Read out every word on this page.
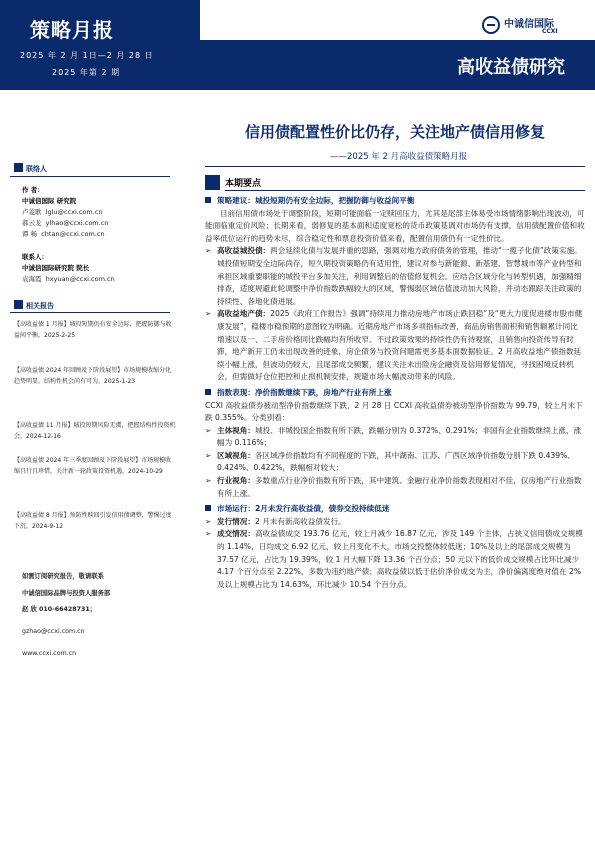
策略月报
2025 年 2 月 1日—2 月 28 日
2025 年第 2 期	高收益债研究
中诚信国际
CCXI
信用债配置性价比仍存，关注地产债信用修复
——2025 年 2 月高收益债策略月报
联络人
作 者：
中诚信国际 研究院
卢菱歌 lglu@ccxi.com.cn
郝云龙 ylhao@ccxi.com.cn
谭 畅 chtan@ccxi.com.cn
联系人：
中诚信国际研究院 院长
袁海霞 hxyuan@ccxi.com.cn
相关报告
【高收益债 1 月报】城投短期仍有安全边际，把握防御与收益间平衡，2025-2-25
【高收益债 2024 年回顾及下阶段展望】市场规模收缩分化趋势明显，结构性机会尚有可为，2025-1-23
【高收益债 11 月报】城投短期风险无虞，把握结构性投资机会，2024-12-16
【高收益债 2024 年三季度回顾及下阶段展望】市场规模收缩且行且珍惜，关注新一轮政策投资机遇，2024-10-29
【高收益债 8 月报】预防性赎回引发信用债调整，警惕过度下沉，2024-9-12
如需订阅研究报告，敬请联系
中诚信国际品牌与投资人服务部
赵 欣 010-66428731；
gzhao@ccxi.com.cn
www.ccxi.com.cn
本期要点

策略建议：城投短期仍有安全边际，把握防御与收益间平衡

目前信用债市场处于调整阶段，短期可能面临一定赎回压力，尤其是尾部主体易受市场情绪影响出现波动，可能面临重定价风险；长期来看，弱修复的基本面和适度宽松的货币政策基调对市场仍有支撑，信用债配置价值和收益率低位运行的趋势未尽，综合稳定性和票息投资价值来看，配置信用债仍有一定性价比。

➢ 高收益城投债：两会延续化债与发展并重的思路，强调对地方政府债务的管理，推动“一揽子化债”政策实施。城投债短期安全边际尚存，短久期投资策略仍有适用性，建议对参与新能源、新基建、智慧城市等产业转型和承担区域重要职能的城投平台多加关注，利用调整后的估值修复机会。应结合区域分化与转型机遇，加强精细排查，适度规避此轮调整中净价指数跌幅较大的区域，警惕弱区域估值波动加大风险，并动态跟踪关注政策的持续性、各地化债进展。

➢ 高收益地产债：2025《政府工作报告》强调“持续用力推动房地产市场止跌回稳”及“更大力度促进楼市股市健康发展”，稳楼市稳预期的意图较为明确。近期房地产市场多项指标改善，商品房销售面积和销售额累计同比增速以及一、二手房价格同比跌幅均有所收窄。不过政策效果的持续性仍有待观察，且销售向投资传导有时滞，地产新开工仍未出现改善的迹象，房企债务与投资问题需更多基本面数据验证。2 月高收益地产债指数延续小幅上涨，但波动仍较大，且尾部成交频繁，建议关注未出险房企融资及信用修复情况，寻找困境反转机会，但需做好仓位把控和止损机制安排，规避市场大幅波动带来的风险。

指数表现：净价指数继续下跌，房地产行业有所上涨

CCXI 高收益债券被动型净价指数继续下跌，2 月 28 日 CCXI 高收益债券被动型净价指数为 99.79，较上月末下跌 0.355%。分类别看：

➢ 主体视角：城投、非城投国企指数有所下跌，跌幅分别为 0.372%、0.291%；非国有企业指数继续上涨、涨幅为 0.116%；

➢ 区域视角：各区域净价指数均有不同程度的下跌，其中湖南、江苏、广西区域净价指数分别下跌 0.439%、0.424%、0.422%，跌幅相对较大；

➢ 行业视角：多数重点行业净价指数有所下跌，其中建筑、金融行业净价指数表现相对不佳，仅房地产行业指数有所上涨。

市场运行：2月未发行高收益债，债券交投持续低迷

➢ 发行情况：2 月未有新高收益债发行。

➢ 成交情况：高收益债成交 193.76 亿元，较上月减少 16.87 亿元，涉及 149 个主体，占狭义信用债成交规模的 1.14%，日均成交 6.92 亿元，较上月变化不大，市场交投整体较低迷；10%及以上的尾部成交规模为 37.57 亿元，占比为 19.39%，较 1 月大幅下降 13.36 个百分点；50 元以下的低价成交规模占比环比减少 4.17 个百分点至 2.22%，多数为违约地产债；高收益债以低于估价净价成交为主，净价偏离度绝对值在 2%及以上规模占比为 14.63%，环比减少 10.54 个百分点。
